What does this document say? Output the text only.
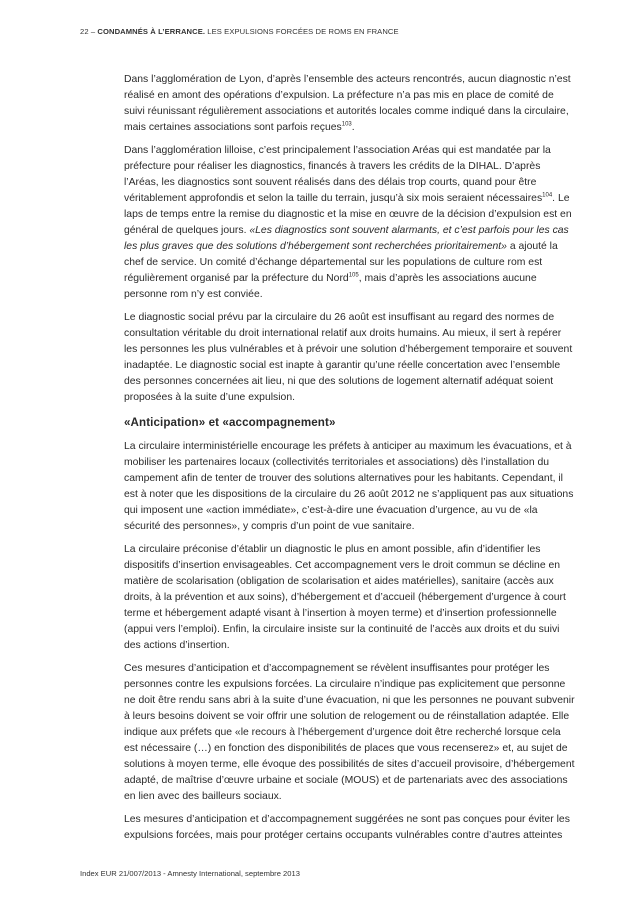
22 – CONDAMNÉS À L’ERRANCE. LES EXPULSIONS FORCÉES DE ROMS EN FRANCE

Dans l’agglomération de Lyon, d’après l’ensemble des acteurs rencontrés, aucun diagnostic n’est réalisé en amont des opérations d’expulsion. La préfecture n’a pas mis en place de comité de suivi réunissant régulièrement associations et autorités locales comme indiqué dans la circulaire, mais certaines associations sont parfois reçues$^{103}$.

Dans l’agglomération lilloise, c’est principalement l’association Aréas qui est mandatée par la préfecture pour réaliser les diagnostics, financés à travers les crédits de la DIHAL. D’après l’Aréas, les diagnostics sont souvent réalisés dans des délais trop courts, quand pour être véritablement approfondis et selon la taille du terrain, jusqu’à six mois seraient nécessaires$^{104}$. Le laps de temps entre la remise du diagnostic et la mise en œuvre de la décision d’expulsion est en général de quelques jours. «Les diagnostics sont souvent alarmants, et c’est parfois pour les cas les plus graves que des solutions d’hébergement sont recherchées prioritairement» a ajouté la chef de service. Un comité d’échange départemental sur les populations de culture rom est régulièrement organisé par la préfecture du Nord$^{105}$, mais d’après les associations aucune personne rom n’y est conviée.

Le diagnostic social prévu par la circulaire du 26 août est insuffisant au regard des normes de consultation véritable du droit international relatif aux droits humains. Au mieux, il sert à repérer les personnes les plus vulnérables et à prévoir une solution d’hébergement temporaire et souvent inadaptée. Le diagnostic social est inapte à garantir qu’une réelle concertation avec l’ensemble des personnes concernées ait lieu, ni que des solutions de logement alternatif adéquat soient proposées à la suite d’une expulsion.

«Anticipation» et «accompagnement»

La circulaire interministérielle encourage les préfets à anticiper au maximum les évacuations, et à mobiliser les partenaires locaux (collectivités territoriales et associations) dès l’installation du campement afin de tenter de trouver des solutions alternatives pour les habitants. Cependant, il est à noter que les dispositions de la circulaire du 26 août 2012 ne s’appliquent pas aux situations qui imposent une «action immédiate», c’est-à-dire une évacuation d’urgence, au vu de «la sécurité des personnes», y compris d’un point de vue sanitaire.

La circulaire préconise d’établir un diagnostic le plus en amont possible, afin d’identifier les dispositifs d’insertion envisageables. Cet accompagnement vers le droit commun se décline en matière de scolarisation (obligation de scolarisation et aides matérielles), sanitaire (accès aux droits, à la prévention et aux soins), d’hébergement et d’accueil (hébergement d’urgence à court terme et hébergement adapté visant à l’insertion à moyen terme) et d’insertion professionnelle (appui vers l’emploi). Enfin, la circulaire insiste sur la continuité de l’accès aux droits et du suivi des actions d’insertion.

Ces mesures d’anticipation et d’accompagnement se révèlent insuffisantes pour protéger les personnes contre les expulsions forcées. La circulaire n’indique pas explicitement que personne ne doit être rendu sans abri à la suite d’une évacuation, ni que les personnes ne pouvant subvenir à leurs besoins doivent se voir offrir une solution de relogement ou de réinstallation adaptée. Elle indique aux préfets que «le recours à l’hébergement d’urgence doit être recherché lorsque cela est nécessaire (…) en fonction des disponibilités de places que vous recenserez» et, au sujet de solutions à moyen terme, elle évoque des possibilités de sites d’accueil provisoire, d’hébergement adapté, de maîtrise d’œuvre urbaine et sociale (MOUS) et de partenariats avec des associations en lien avec des bailleurs sociaux.

Les mesures d’anticipation et d’accompagnement suggérées ne sont pas conçues pour éviter les expulsions forcées, mais pour protéger certains occupants vulnérables contre d’autres atteintes

Index EUR 21/007/2013 - Amnesty International, septembre 2013
